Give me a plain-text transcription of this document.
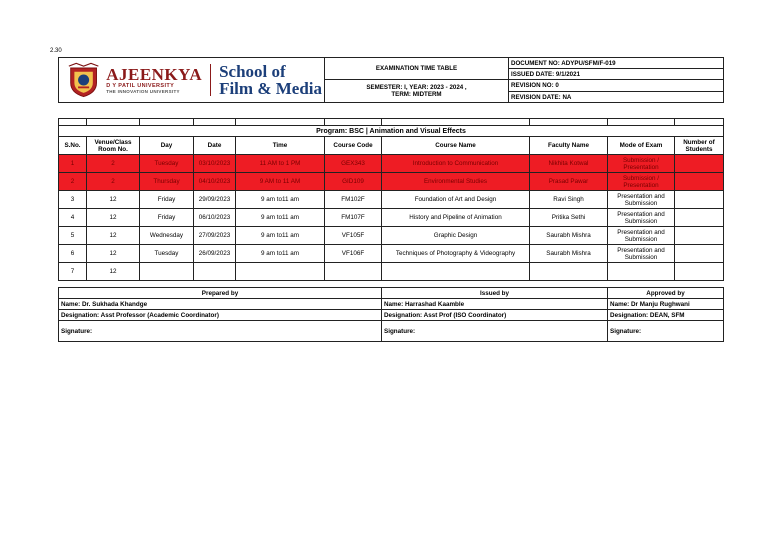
2.30
AJEENKYA
D Y PATIL UNIVERSITY
THE INNOVATION UNIVERSITY
School of
Film & Media	EXAMINATION TIME TABLE	DOCUMENT NO: ADYPU/SFM/F-019
		ISSUED DATE: 9/1/2021

	SEMESTER: I, YEAR: 2023 - 2024 ,
TERM: MIDTERM	REVISION NO: 0
		REVISION DATE: NA

Program: BSC | Animation and Visual Effects									
S.No.	Venue/Class Room No.	Day	Date	Time	Course Code	Course Name	Faculty Name	Mode of Exam	Number of Students
1	2	Tuesday	03/10/2023	11 AM to 1 PM	GEX343	Introduction to Communication	Nikhita Kotwal	Submission / Presentation	
2	2	Thursday	04/10/2023	9 AM to 11 AM	GID109	Environmental Studies	Prasad Pawar	Submission / Presentation	
3	12	Friday	29/09/2023	9 am to11 am	FM102F	Foundation of Art and Design	Ravi Singh	Presentation and Submission	
4	12	Friday	06/10/2023	9 am to11 am	FM107F	History and Pipeline of Animation	Pritika Sethi	Presentation and Submission	
5	12	Wednesday	27/09/2023	9 am to11 am	VF105F	Graphic Design	Saurabh Mishra	Presentation and Submission	
6	12	Tuesday	26/09/2023	9 am to11 am	VF106F	Techniques of Photography & Videography	Saurabh Mishra	Presentation and Submission	
7	12								
Prepared by	Issued by	Approved by
Name: Dr. Sukhada Khandge	Name: Harrashad Kaamble	Name: Dr Manju Rughwani
Designation: Asst Professor (Academic Coordinator)	Designation: Asst Prof (ISO Coordinator)	Designation: DEAN, SFM
Signature:	Signature:	Signature:
